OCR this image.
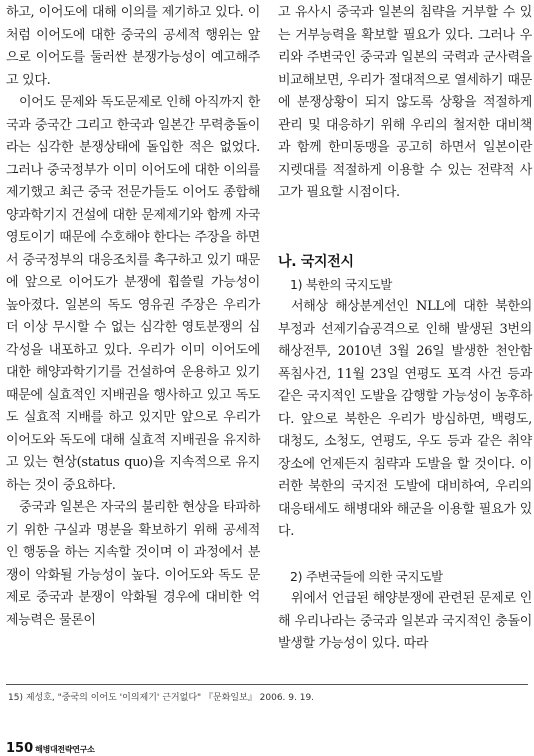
하고, 이어도에 대해 이의를 제기하고 있다. 이처럼 이어도에 대한 중국의 공세적 행위는 앞으로 이어도를 둘러싼 분쟁가능성이 예고해주고 있다.

이어도 문제와 독도문제로 인해 아직까지 한국과 중국간 그리고 한국과 일본간 무력충돌이라는 심각한 분쟁상태에 돌입한 적은 없었다. 그러나 중국정부가 이미 이어도에 대한 이의를 제기했고 최근 중국 전문가들도 이어도 종합해양과학기지 건설에 대한 문제제기와 함께 자국영토이기 때문에 수호해야 한다는 주장을 하면서 중국정부의 대응조치를 촉구하고 있기 때문에 앞으로 이어도가 분쟁에 휩쓸릴 가능성이 높아졌다. 일본의 독도 영유권 주장은 우리가 더 이상 무시할 수 없는 심각한 영토분쟁의 심각성을 내포하고 있다. 우리가 이미 이어도에 대한 해양과학기기를 건설하여 운용하고 있기 때문에 실효적인 지배권을 행사하고 있고 독도도 실효적 지배를 하고 있지만 앞으로 우리가 이어도와 독도에 대해 실효적 지배권을 유지하고 있는 현상(status quo)을 지속적으로 유지하는 것이 중요하다.

중국과 일본은 자국의 불리한 현상을 타파하기 위한 구실과 명분을 확보하기 위해 공세적인 행동을 하는 지속할 것이며 이 과정에서 분쟁이 악화될 가능성이 높다. 이어도와 독도 문제로 중국과 분쟁이 악화될 경우에 대비한 억제능력은 물론이

고 유사시 중국과 일본의 침략을 거부할 수 있는 거부능력을 확보할 필요가 있다. 그러나 우리와 주변국인 중국과 일본의 국력과 군사력을 비교해보면, 우리가 절대적으로 열세하기 때문에 분쟁상황이 되지 않도록 상황을 적절하게 관리 및 대응하기 위해 우리의 철저한 대비책과 함께 한미동맹을 공고히 하면서 일본이란 지렛대를 적절하게 이용할 수 있는 전략적 사고가 필요할 시점이다.

나. 국지전시

1) 북한의 국지도발

서해상 해상분계선인 NLL에 대한 북한의 부정과 선제기습공격으로 인해 발생된 3번의 해상전투, 2010년 3월 26일 발생한 천안함 폭침사건, 11월 23일 연평도 포격 사건 등과 같은 국지적인 도발을 감행할 가능성이 농후하다. 앞으로 북한은 우리가 방심하면, 백령도, 대청도, 소청도, 연평도, 우도 등과 같은 취약 장소에 언제든지 침략과 도발을 할 것이다. 이러한 북한의 국지전 도발에 대비하여, 우리의 대응태세도 해병대와 해군을 이용할 필요가 있다.

2) 주변국들에 의한 국지도발

위에서 언급된 해양분쟁에 관련된 문제로 인해 우리나라는 중국과 일본과 국지적인 충돌이 발생할 가능성이 있다. 따라

15) 제성호, "중국의 이어도 '이의제기' 근거없다" 『문화일보』 2006. 9. 19.
150 해병대전략연구소
